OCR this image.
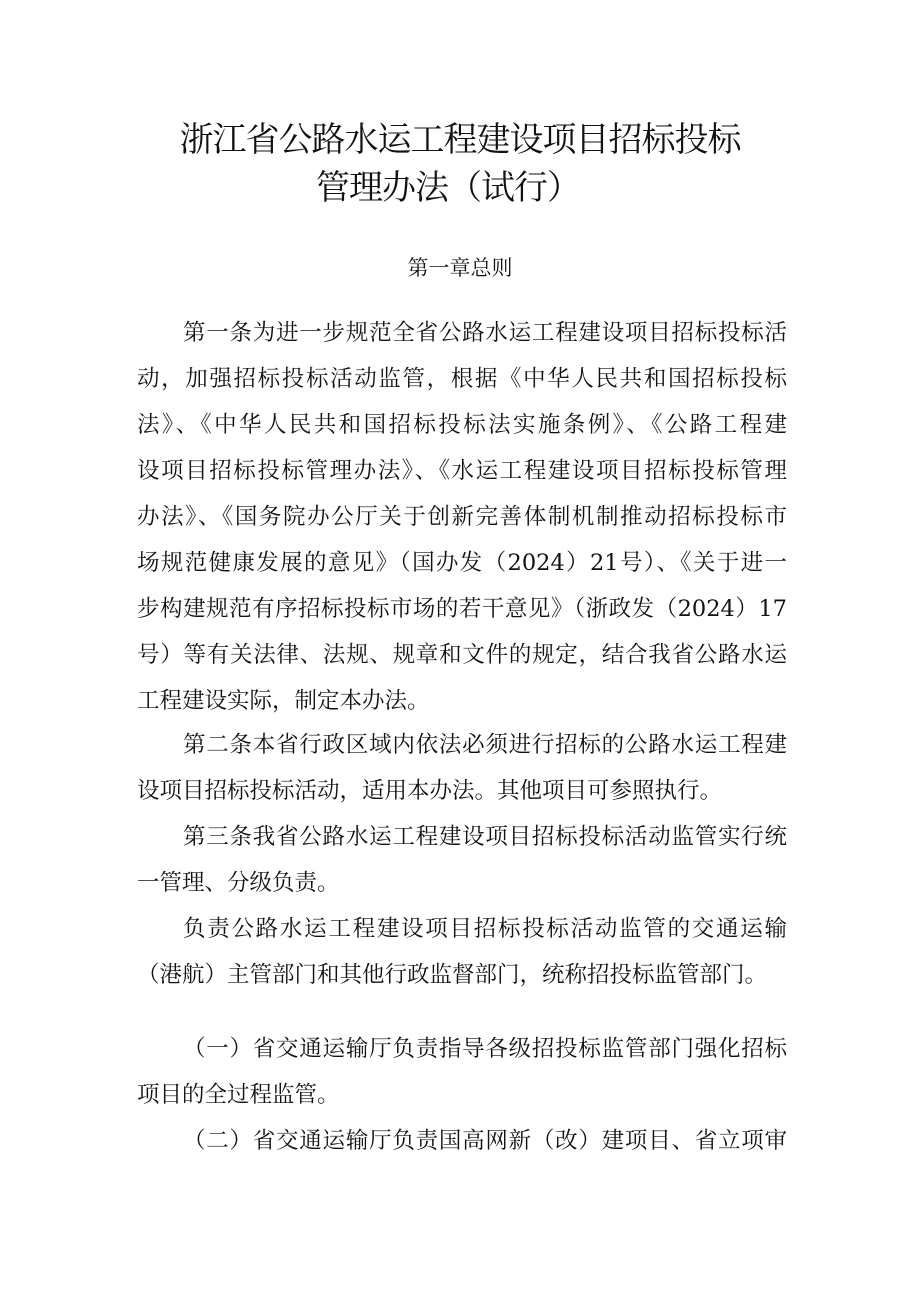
浙江省公路水运工程建设项目招标投标
管理办法（试行）
第一章总则
第一条为进一步规范全省公路水运工程建设项目招标投标活
动，加强招标投标活动监管，根据《中华人民共和国招标投标
法》、《中华人民共和国招标投标法实施条例》、《公路工程建
设项目招标投标管理办法》、《水运工程建设项目招标投标管理
办法》、《国务院办公厅关于创新完善体制机制推动招标投标市
场规范健康发展的意见》（国办发（2024）21号）、《关于进一
步构建规范有序招标投标市场的若干意见》（浙政发（2024）17
号）等有关法律、法规、规章和文件的规定，结合我省公路水运
工程建设实际，制定本办法。
第二条本省行政区域内依法必须进行招标的公路水运工程建
设项目招标投标活动，适用本办法。其他项目可参照执行。
第三条我省公路水运工程建设项目招标投标活动监管实行统
一管理、分级负责。
负责公路水运工程建设项目招标投标活动监管的交通运输
（港航）主管部门和其他行政监督部门，统称招投标监管部门。
（一）省交通运输厅负责指导各级招投标监管部门强化招标
项目的全过程监管。
（二）省交通运输厅负责国高网新（改）建项目、省立项审
